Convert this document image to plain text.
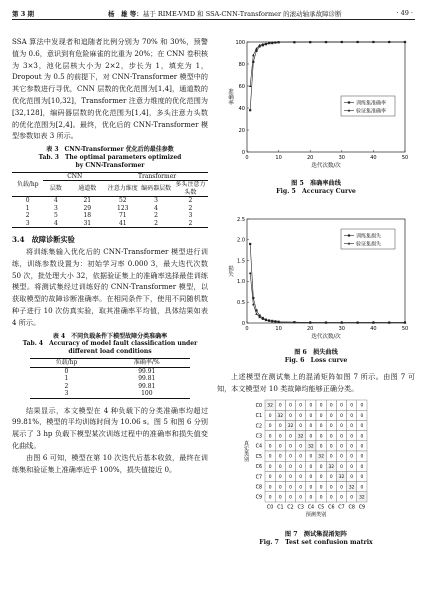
第 3 期	杨　雄 等：基于 RIME-VMD 和 SSA-CNN-Transformer 的滚动轴承故障诊断	· 49 ·

SSA 算法中发现者和追随者比例分别为 70% 和 30%，预警值为 0.6，意识到有危险麻雀的比重为 20%；在 CNN 卷积核为 3×3，池化层核大小为 2×2，步长为 1，填充为 1，Dropout 为 0.5 的前提下，对 CNN-Transformer 模型中的其它参数进行寻优，CNN 层数的优化范围为[1,4]，通道数的优化范围为[10,32]，Transformer 注意力维度的优化范围为[32,128]，编码器层数的优化范围为[1,4]，多头注意力头数的优化范围为[2,4]。最终，优化后的 CNN-Transformer 模型参数如表 3 所示。

表 3　CNN-Transformer 优化后的最佳参数

Tab. 3　The optimal parameters optimized

by CNN-Transformer

负载/hp	CNN		Transformer		
	层数	通道数	注意力维度	编码器层数	多头注意力头数
0	4	21	52	3	2
1	3	29	123	4	2
2	5	18	71	2	3
3	4	31	41	2	2

3.4　故障诊断实验

将训练集输入优化后的 CNN-Transformer 模型进行训练，训练参数设置为：初始学习率 0.000 3，最大迭代次数 50 次，批处理大小 32，依据验证集上的准确率选择最佳训练模型。将测试集经过训练好的 CNN-Transformer 模型，以获取模型的故障诊断准确率。在相同条件下，使用不同随机数种子进行 10 次仿真实验，取其准确率平均值，具体结果如表 4 所示。

表 4　不同负载条件下模型故障分类准确率

Tab. 4　Accuracy of model fault classification under

different load conditions

负载/hp	准确率/%
0	99.91
1	99.81
2	99.81
3	100

结果显示，本文模型在 4 种负载下的分类准确率均超过 99.81%，模型的平均训练时间为 10.06 s。图 5 和图 6 分别展示了 3 hp 负载下模型某次训练过程中的准确率和损失值变化曲线。

由图 6 可知，模型在第 10 次迭代后基本收敛，最终在训练集和验证集上准确率近乎 100%，损失值接近 0。

0	10	20	30	40	50
0
20
40
60
80
100
迭代次数/次
准确率	训练集准确率
验证集准确率

图 5　准确率曲线

Fig. 5　Accuracy Curve

0	10	20	30	40	50
0
0.5
1.0
1.5
2.0
2.5
迭代次数/次
损失
训练集损失
验证集损失

图 6　损失曲线

Fig. 6　Loss curve

上述模型在测试集上的混淆矩阵如图 7 所示。由图 7 可知，本文模型对 10 类故障均能够正确分类。

C0 32 0 0 0 0 0 0 0 0 0
C1 0 32 0 0 0 0 0 0 0 0
C2 0 0 32 0 0 0 0 0 0 0
C3 0 0 0 32 0 0 0 0 0 0
C4 0 0 0 0 32 0 0 0 0 0
C5 0 0 0 0 0 32 0 0 0 0
C6 0 0 0 0 0 0 32 0 0 0
C7 0 0 0 0 0 0 0 32 0 0
C8 0 0 0 0 0 0 0 0 32 0
C9 0 0 0 0 0 0 0 0 0 32
C0 C1 C2 C3 C4 C5 C6 C7 C8 C9
预测类别
真实类别

图 7　测试集混淆矩阵

Fig. 7　Test set confusion matrix
